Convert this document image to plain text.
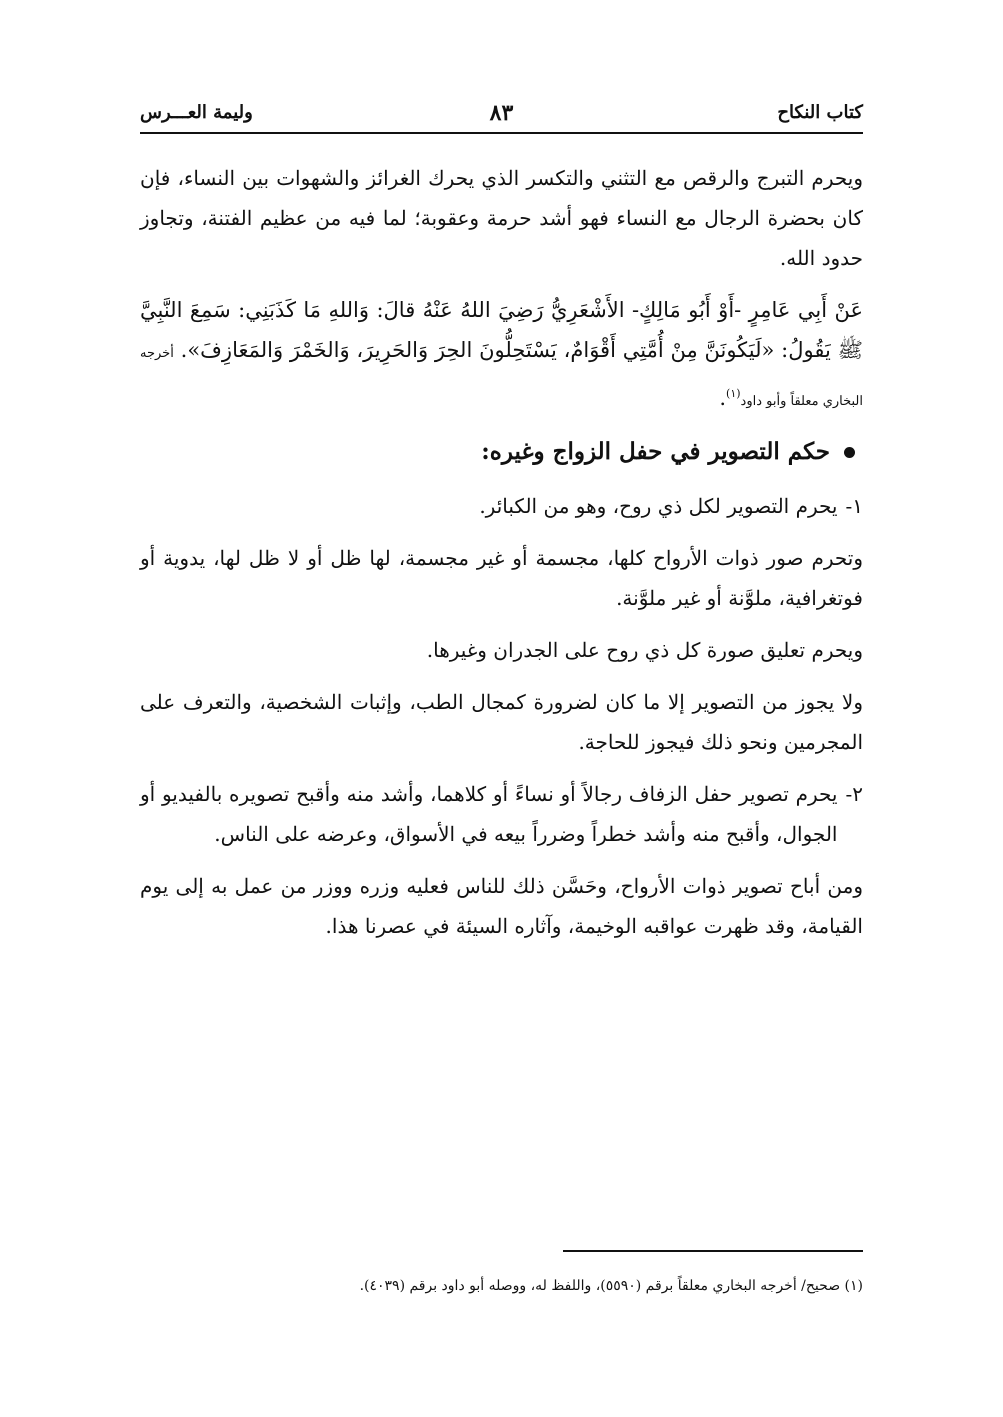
كتاب النكاح
٨٣
وليمة العـــرس

ويحرم التبرج والرقص مع التثني والتكسر الذي يحرك الغرائز والشهوات بين النساء، فإن كان بحضرة الرجال مع النساء فهو أشد حرمة وعقوبة؛ لما فيه من عظيم الفتنة، وتجاوز حدود الله.

عَنْ أَبِي عَامِرٍ -أَوْ أَبُو مَالِكٍ- الأَشْعَرِيُّ رَضِيَ اللهُ عَنْهُ قالَ: وَاللهِ مَا كَذَبَنِي: سَمِعَ النَّبِيَّ ﷺ يَقُولُ: «لَيَكُونَنَّ مِنْ أُمَّتِي أَقْوَامٌ، يَسْتَحِلُّونَ الحِرَ وَالحَرِيرَ، وَالخَمْرَ وَالمَعَازِفَ». أخرجه البخاري معلقاً وأبو داود$^{(١)}$.

حكم التصوير في حفل الزواج وغيره:
١-
يحرم التصوير لكل ذي روح، وهو من الكبائر.

وتحرم صور ذوات الأرواح كلها، مجسمة أو غير مجسمة، لها ظل أو لا ظل لها، يدوية أو فوتغرافية، ملوَّنة أو غير ملوَّنة.

ويحرم تعليق صورة كل ذي روح على الجدران وغيرها.

ولا يجوز من التصوير إلا ما كان لضرورة كمجال الطب، وإثبات الشخصية، والتعرف على المجرمين ونحو ذلك فيجوز للحاجة.

٢-
يحرم تصوير حفل الزفاف رجالاً أو نساءً أو كلاهما، وأشد منه وأقبح تصويره بالفيديو أو الجوال، وأقبح منه وأشد خطراً وضرراً بيعه في الأسواق، وعرضه على الناس.

ومن أباح تصوير ذوات الأرواح، وحَسَّن ذلك للناس فعليه وزره ووزر من عمل به إلى يوم القيامة، وقد ظهرت عواقبه الوخيمة، وآثاره السيئة في عصرنا هذا.

(١) صحيح/ أخرجه البخاري معلقاً برقم (٥٥٩٠)، واللفظ له، ووصله أبو داود برقم (٤٠٣٩).
